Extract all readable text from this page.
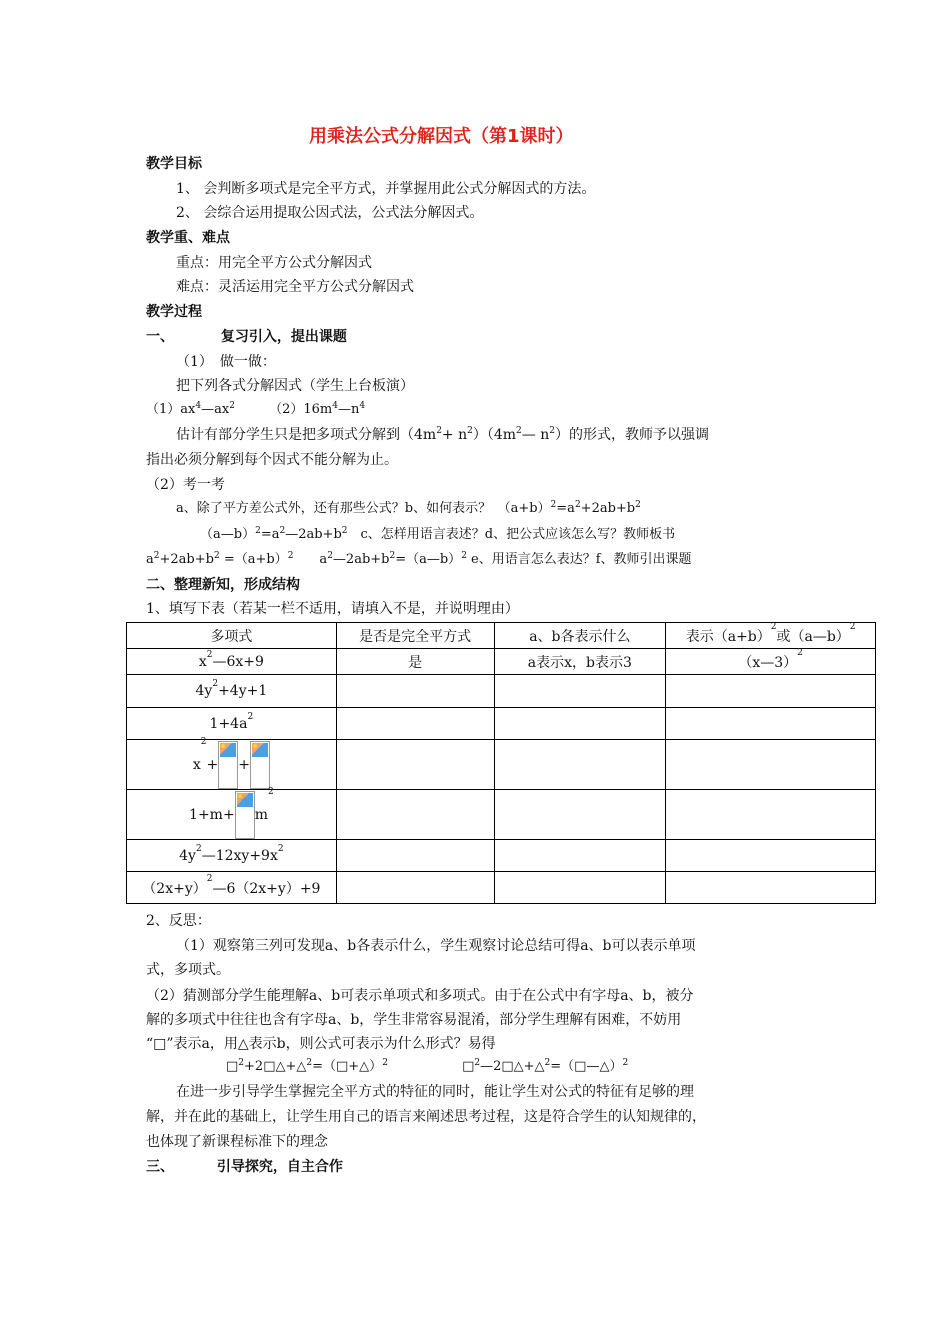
用乘法公式分解因式（第1课时）
教学目标
1、 会判断多项式是完全平方式，并掌握用此公式分解因式的方法。
2、 会综合运用提取公因式法，公式法分解因式。
教学重、难点
重点：用完全平方公式分解因式
难点：灵活运用完全平方公式分解因式
教学过程
一、	复习引入，提出课题
（1）　做一做：
把下列各式分解因式（学生上台板演）
$(1)ax^4—ax^2$	$(2)16m^4—n^4$
估计有部分学生只是把多项式分解到（$4m^2+$ $n^2)(4m^2—$ $n^2$）的形式，教师予以强调
指出必须分解到每个因式不能分解为止。
（2）考一考
a、除了平方差公式外，还有那些公式？b、如何表示？　$(a+b)^2=a^2+2ab+b^2$
$(a—b)^2=a^2—2ab+b^2$　c、怎样用语言表述？d、把公式应该怎么写？教师板书
$a^2+2ab+b^2 =(a+b)^2$　　$a^2—2ab+b^2=(a—b)^2$ e、用语言怎么表达？f、教师引出课题
二、整理新知，形成结构
1、填写下表（若某一栏不适用，请填入不是，并说明理由）
多项式	是否是完全平方式	a、b各表示什么	表示$(a+b)^2$或（a—b）$^2$
$x^2—6x+9$	是	a表示x，b表示3	（x—3）$^2$
$4y^2+4y+1$			
$1+4a^2$			
$x^2+$ +

$1+m+ m^2$			
$4y^2—12xy+9x^2$			
$(2x+y)^2—6(2x+y)+9$			
2、反思：
（1）观察第三列可发现a、b各表示什么，学生观察讨论总结可得a、b可以表示单项
式，多项式。
（2）猜测部分学生能理解a、b可表示单项式和多项式。由于在公式中有字母a、b，被分
解的多项式中往往也含有字母a、b，学生非常容易混淆，部分学生理解有困难，不妨用
“□”表示a，用△表示b，则公式可表示为什么形式？易得
□$^2$+2□△+△$^2$=（□+△）$^2$	□$^2$—2□△+△$^2$=（□—△）$^2$
在进一步引导学生掌握完全平方式的特征的同时，能让学生对公式的特征有足够的理
解，并在此的基础上，让学生用自己的语言来阐述思考过程，这是符合学生的认知规律的，
也体现了新课程标准下的理念
三、	引导探究，自主合作
